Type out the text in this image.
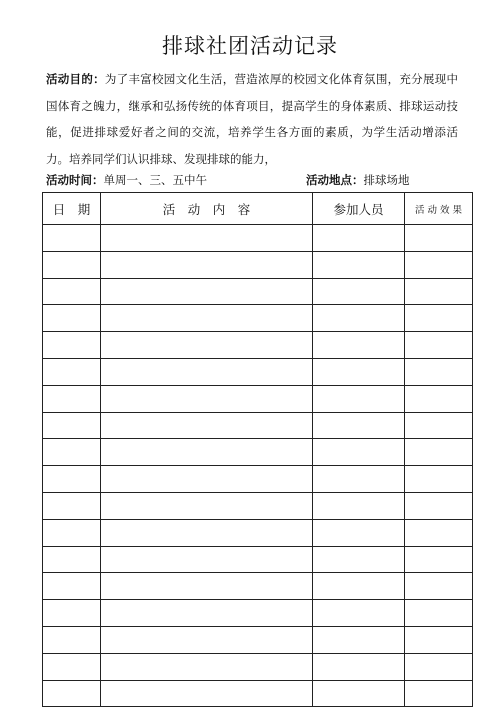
排球社团活动记录
活动目的：为了丰富校园文化生活，营造浓厚的校园文化体育氛围，充分展现中国体育之魄力，继承和弘扬传统的体育项目，提高学生的身体素质、排球运动技能，促进排球爱好者之间的交流，培养学生各方面的素质，为学生活动增添活力。培养同学们认识排球、发现排球的能力，
活动时间：单周一、三、五中午	活动地点：排球场地
日　期	活　动　内　容	参加人员	活 动 效 果
